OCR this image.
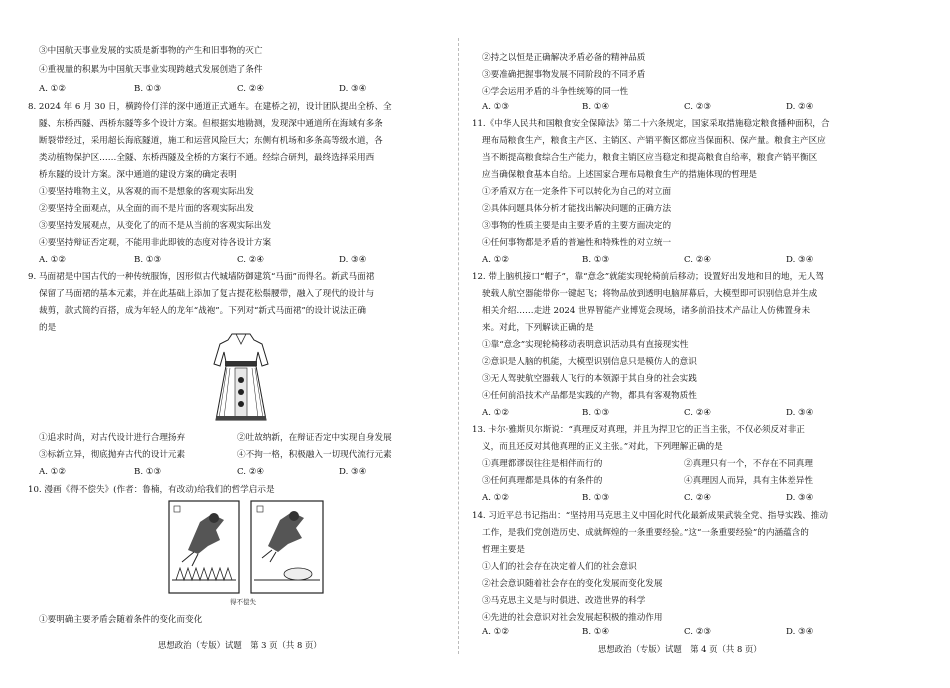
③中国航天事业发展的实质是新事物的产生和旧事物的灭亡
④重视量的积累为中国航天事业实现跨越式发展创造了条件
A. ①②	B. ①③	C. ②④	D. ③④
8. 2024 年 6 月 30 日，横跨伶仃洋的深中通道正式通车。在建桥之初，设计团队提出全桥、全
隧、东桥西隧、西桥东隧等多个设计方案。但根据实地勘测，发现深中通道所在海域有多条
断裂带经过，采用超长海底隧道，施工和运营风险巨大；东侧有机场和多条高等级水道，各
类动植物保护区……全隧、东桥西隧及全桥的方案行不通。经综合研判，最终选择采用西
桥东隧的设计方案。深中通道的建设方案的确定表明
①要坚持唯物主义，从客观的而不是想象的客观实际出发
②要坚持全面观点，从全面的而不是片面的客观实际出发
③要坚持发展观点，从变化了的而不是从当前的客观实际出发
④要坚持辩证否定观，不能用非此即彼的态度对待各设计方案
A. ①②	B. ①③	C. ②④	D. ③④
9. 马面裙是中国古代的一种传统服饰，因形似古代城墙防御建筑“马面”而得名。新武马面裙
保留了马面裙的基本元素，并在此基础上添加了复古提花松鬃腰带，融入了现代的设计与
裁剪，款式简约百搭，成为年轻人的龙年“战袍”。下列对“新式马面裙”的设计说法正确
的是
①追求时尚，对古代设计进行合理扬弃	②吐故纳新，在辩证否定中实现自身发展
③标新立异，彻底抛弃古代的设计元素	④不拘一格，积极融入一切现代流行元素
A. ①②	B. ①③	C. ②④	D. ③④
10. 漫画《得不偿失》(作者：鲁楠，有改动)给我们的哲学启示是
得不偿失
①要明确主要矛盾会随着条件的变化而变化
思想政治（专版）试题　第 3 页（共 8 页）
②持之以恒是正确解决矛盾必备的精神品质
③要准确把握事物发展不同阶段的不同矛盾
④学会运用矛盾的斗争性统筹的同一性
A. ①③	B. ①④	C. ②③	D. ②④
11.《中华人民共和国粮食安全保障法》第二十六条规定，国家采取措施稳定粮食播种面积，合
理布局粮食生产，粮食主产区、主销区、产销平衡区都应当保面积、保产量。粮食主产区应
当不断提高粮食综合生产能力，粮食主销区应当稳定和提高粮食自给率，粮食产销平衡区
应当确保粮食基本自给。上述国家合理布局粮食生产的措施体现的哲理是
①矛盾双方在一定条件下可以转化为自己的对立面
②具体问题具体分析才能找出解决问题的正确方法
③事物的性质主要是由主要矛盾的主要方面决定的
④任何事物都是矛盾的普遍性和特殊性的对立统一
A. ①②	B. ①③	C. ②④	D. ③④
12. 带上脑机接口“帽子”，靠“意念”就能实现轮椅前后移动；设置好出发地和目的地，无人驾
驶载人航空器能带你一键起飞；将物品放到透明电脑屏幕后，大模型即可识别信息并生成
相关介绍……走进 2024 世界智能产业博览会现场，诸多前沿技术产品让人仿佛置身未
来。对此，下列解读正确的是
①靠“意念”实现轮椅移动表明意识活动具有直接现实性
②意识是人脑的机能，大模型识别信息只是模仿人的意识
③无人驾驶航空器载人飞行的本领源于其自身的社会实践
④任何前沿技术产品都是实践的产物，都具有客观物质性
A. ①②	B. ①③	C. ②④	D. ③④
13. 卡尔·雅斯贝尔斯说：“真理反对真理，并且为捍卫它的正当主张，不仅必须反对非正
义，而且还反对其他真理的正义主张。”对此，下列理解正确的是
①真理都谬误往往是相伴而行的	②真理只有一个，不存在不同真理
③任何真理都是具体的有条件的	④真理因人而异，具有主体差异性
A. ①②	B. ①③	C. ②④	D. ③④
14. 习近平总书记指出：“坚持用马克思主义中国化时代化最新成果武装全党、指导实践、推动
工作，是我们党创造历史、成就辉煌的一条重要经验。”这“一条重要经验”的内涵蕴含的
哲理主要是
①人们的社会存在决定着人们的社会意识
②社会意识随着社会存在的变化发展而变化发展
③马克思主义是与时俱进、改造世界的科学
④先进的社会意识对社会发展起积极的推动作用
A. ①②	B. ①④	C. ②③	D. ③④
思想政治（专版）试题　第 4 页（共 8 页）
